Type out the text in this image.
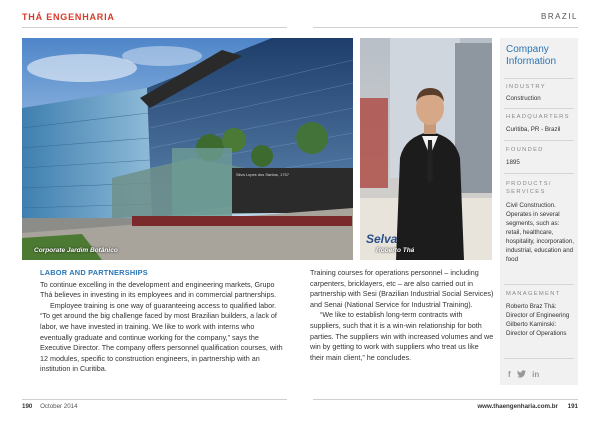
THÁ ENGENHARIA	BRAZIL
Silva Lopes dos Santos, 1757
Corporate Jardim Botânico
Selva
Roberto Thá
LABOR AND PARTNERSHIPS

To continue excelling in the development and engineering markets, Grupo Thá believes in investing in its employees and in commercial partnerships.

Employee training is one way of guaranteeing access to qualified labor. “To get around the big challenge faced by most Brazilian builders, a lack of labor, we have invested in training. We like to work with interns who eventually graduate and continue working for the company,” says the Executive Director. The company offers personnel qualification courses, with 12 modules, specific to construction engineers, in partnership with an institution in Curitiba.

Training courses for operations personnel – including carpenters, bricklayers, etc – are also carried out in partnership with Sesi (Brazilian Industrial Social Services) and Senai (National Service for Industrial Training).

“We like to establish long-term contracts with suppliers, such that it is a win-win relationship for both parties. The suppliers win with increased volumes and we win by getting to work with suppliers who treat us like their main client,” he concludes.

Company
Information
INDUSTRY
Construction
HEADQUARTERS
Curitiba, PR - Brazil
FOUNDED
1895
PRODUCTS/
SERVICES
Civil Construction. Operates in several segments, such as: retail, healthcare, hospitality, incorporation, industrial, education and food
MANAGEMENT
Roberto Braz Thá: Director of Engineering Gilberto Kaminski: Director of Operations
f	in
190 October 2014	www.thaengenharia.com.br 191
